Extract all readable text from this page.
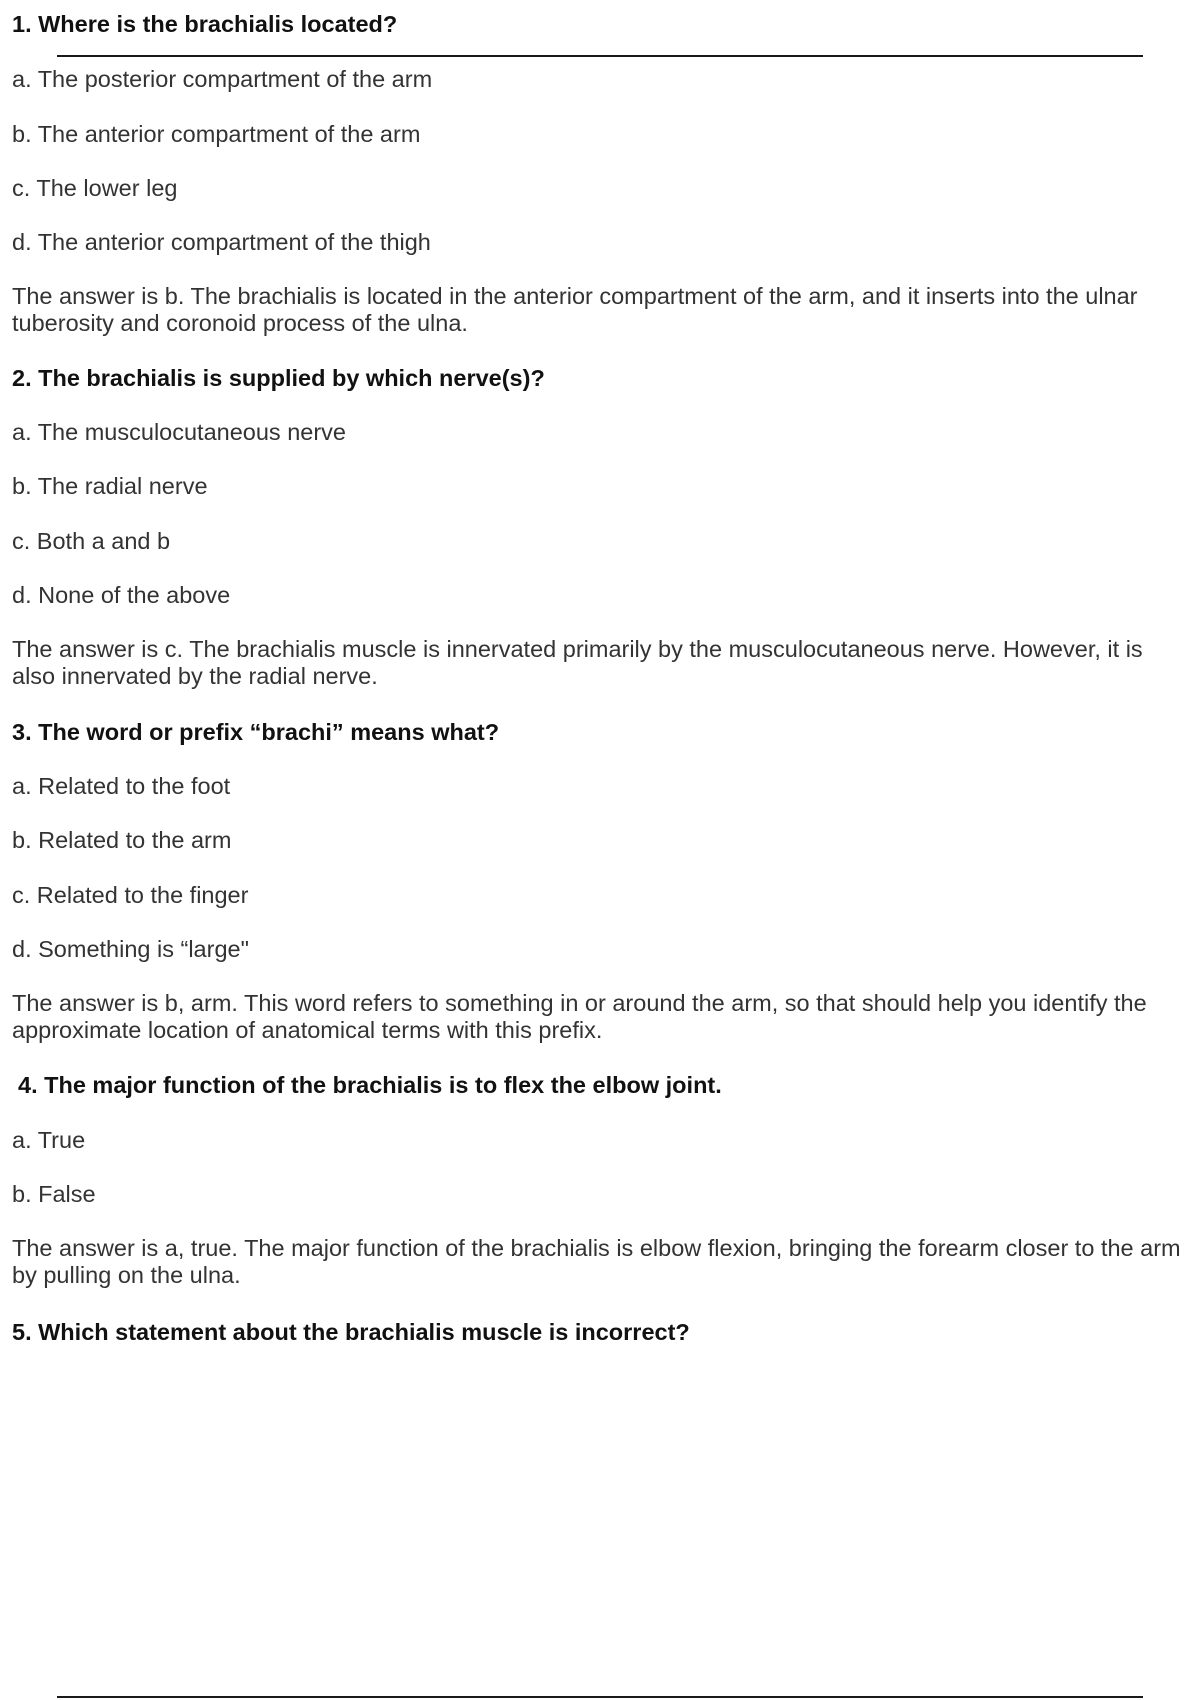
1. Where is the brachialis located?
a. The posterior compartment of the arm
b. The anterior compartment of the arm
c. The lower leg
d. The anterior compartment of the thigh
The answer is b. The brachialis is located in the anterior compartment of the arm, and it inserts into the ulnar
tuberosity and coronoid process of the ulna.
2. The brachialis is supplied by which nerve(s)?
a. The musculocutaneous nerve
b. The radial nerve
c. Both a and b
d. None of the above
The answer is c. The brachialis muscle is innervated primarily by the musculocutaneous nerve. However, it is
also innervated by the radial nerve.
3. The word or prefix “brachi” means what?
a. Related to the foot
b. Related to the arm
c. Related to the finger
d. Something is “large"
The answer is b, arm. This word refers to something in or around the arm, so that should help you identify the
approximate location of anatomical terms with this prefix.
4. The major function of the brachialis is to flex the elbow joint.
a. True
b. False
The answer is a, true. The major function of the brachialis is elbow flexion, bringing the forearm closer to the arm
by pulling on the ulna.
5. Which statement about the brachialis muscle is incorrect?
